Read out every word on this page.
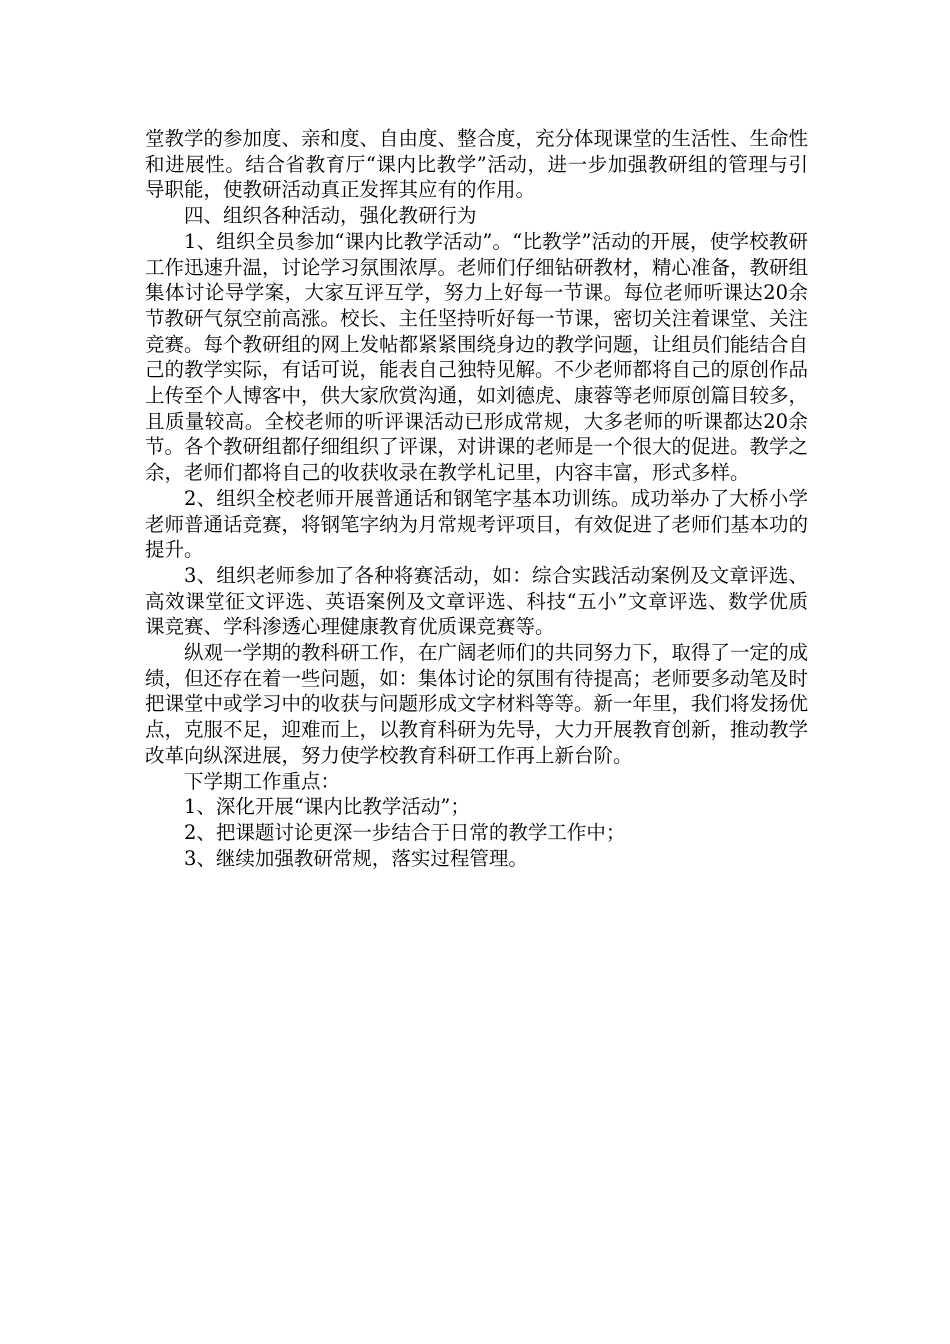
堂教学的参加度、亲和度、自由度、整合度，充分体现课堂的生活性、生命性和进展性。结合省教育厅“课内比教学”活动，进一步加强教研组的管理与引导职能，使教研活动真正发挥其应有的作用。

四、组织各种活动，强化教研行为

1、组织全员参加“课内比教学活动”。“比教学”活动的开展，使学校教研工作迅速升温，讨论学习氛围浓厚。老师们仔细钻研教材，精心准备，教研组集体讨论导学案，大家互评互学，努力上好每一节课。每位老师听课达20余节教研气氛空前高涨。校长、主任坚持听好每一节课，密切关注着课堂、关注竞赛。每个教研组的网上发帖都紧紧围绕身边的教学问题，让组员们能结合自己的教学实际，有话可说，能表自己独特见解。不少老师都将自己的原创作品上传至个人博客中，供大家欣赏沟通，如刘德虎、康蓉等老师原创篇目较多，且质量较高。全校老师的听评课活动已形成常规，大多老师的听课都达20余节。各个教研组都仔细组织了评课，对讲课的老师是一个很大的促进。教学之余，老师们都将自己的收获收录在教学札记里，内容丰富，形式多样。

2、组织全校老师开展普通话和钢笔字基本功训练。成功举办了大桥小学老师普通话竞赛，将钢笔字纳为月常规考评项目，有效促进了老师们基本功的提升。

3、组织老师参加了各种将赛活动，如：综合实践活动案例及文章评选、高效课堂征文评选、英语案例及文章评选、科技“五小”文章评选、数学优质课竞赛、学科渗透心理健康教育优质课竞赛等。

纵观一学期的教科研工作，在广阔老师们的共同努力下，取得了一定的成绩，但还存在着一些问题，如：集体讨论的氛围有待提高；老师要多动笔及时把课堂中或学习中的收获与问题形成文字材料等等。新一年里，我们将发扬优点，克服不足，迎难而上，以教育科研为先导，大力开展教育创新，推动教学改革向纵深进展，努力使学校教育科研工作再上新台阶。

下学期工作重点：

1、深化开展“课内比教学活动”；

2、把课题讨论更深一步结合于日常的教学工作中；

3、继续加强教研常规，落实过程管理。
